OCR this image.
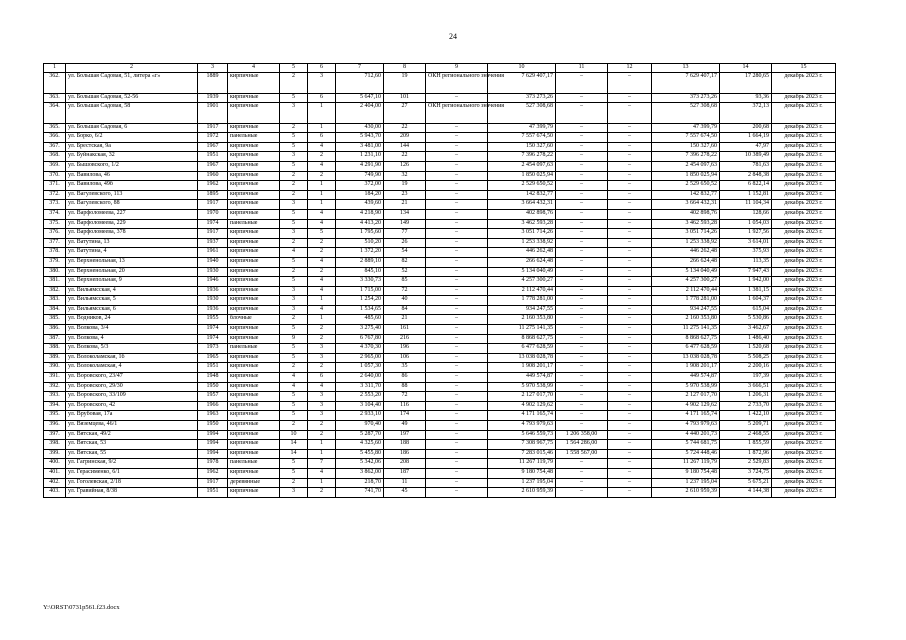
24
1	2	3	4	5	6	7	8	9	10	11	12	13	14	15
362.	ул. Большая Садовая, 51, литера «г»	1889	кирпичные	2	3	712,60	19	ОКН регионального значения	7 629 407,17	–	–	7 629 407,17	17 280,65	декабрь 2023 г.
363.	ул. Большая Садовая, 52-56	1939	кирпичные	5	6	5 647,10	101	–	373 273,26	–	–	373 273,26	93,36	декабрь 2023 г.
364.	ул. Большая Садовая, 58	1901	кирпичные	3	1	2 404,00	27	ОКН регионального значения	527 308,68	–	–	527 308,68	372,13	декабрь 2023 г.
365.	ул. Большая Садовая, 6	1917	кирпичные	2	1	430,00	22	–	47 399,79	–	–	47 399,79	200,68	декабрь 2023 г.
366.	ул. Борко, 6/2	1972	панельные	5	6	5 943,70	209	–	7 557 674,50	–	–	7 557 674,50	1 664,19	декабрь 2023 г.
367.	ул. Брестская, 9а	1967	кирпичные	5	4	3 481,00	144	–	150 327,60	–	–	150 327,60	47,97	декабрь 2023 г.
368.	ул. Буйнакская, 32	1951	кирпичные	3	2	1 231,10	22	–	7 396 278,22	–	–	7 396 278,22	10 389,49	декабрь 2023 г.
369.	ул. Бышовского, 1/2	1967	кирпичные	5	4	4 291,90	126	–	2 454 097,63	–	–	2 454 097,63	781,63	декабрь 2023 г.
370.	ул. Вавилова, 46	1960	кирпичные	2	2	749,90	32	–	1 850 025,94	–	–	1 850 025,94	2 848,38	декабрь 2023 г.
371.	ул. Вавилова, 49б	1962	кирпичные	2	1	372,00	19	–	2 529 650,52	–	–	2 529 650,52	6 822,14	декабрь 2023 г.
372.	ул. Вагулевского, 113	1895	кирпичные	2	1	184,20	23	–	142 832,77	–	–	142 832,77	1 152,81	декабрь 2023 г.
373.	ул. Вагулевского, 88	1917	кирпичные	3	1	439,60	21	–	3 664 432,31	–	–	3 664 432,31	11 104,34	декабрь 2023 г.
374.	ул. Варфоломеева, 227	1970	кирпичные	5	4	4 218,90	134	–	402 898,76	–	–	402 898,76	128,66	декабрь 2023 г.
375.	ул. Варфоломеева, 229	1974	панельные	5	4	4 413,20	149	–	3 462 593,28	–	–	3 462 593,28	1 054,03	декабрь 2023 г.
376.	ул. Варфоломеева, 378	1917	кирпичные	3	5	1 795,60	77	–	3 051 714,26	–	–	3 051 714,26	1 927,56	декабрь 2023 г.
377.	ул. Ватутина, 13	1937	кирпичные	2	2	510,20	26	–	1 253 338,92	–	–	1 253 338,92	3 614,01	декабрь 2023 г.
378.	ул. Ватутина, 4	1961	кирпичные	4	2	1 372,20	54	–	446 262,48	–	–	446 262,48	375,93	декабрь 2023 г.
379.	ул. Верхненольная, 13	1940	кирпичные	5	4	2 889,10	82	–	266 624,48	–	–	266 624,48	113,35	декабрь 2023 г.
380.	ул. Верхненольная, 20	1930	кирпичные	2	2	845,10	52	–	5 134 040,49	–	–	5 134 040,49	7 947,43	декабрь 2023 г.
381.	ул. Верхнепольная, 9	1946	кирпичные	5	4	3 330,73	85	–	4 257 300,27	–	–	4 257 300,27	1 942,00	декабрь 2023 г.
382.	ул. Вильямсская, 4	1936	кирпичные	3	4	1 715,00	72	–	2 112 470,44	–	–	2 112 470,44	1 381,15	декабрь 2023 г.
383.	ул. Вильямсская, 5	1930	кирпичные	3	1	1 254,20	40	–	1 778 281,00	–	–	1 778 281,00	1 604,37	декабрь 2023 г.
384.	ул. Вильямсская, 6	1936	кирпичные	3	4	1 534,65	84	–	934 247,55	–	–	934 247,55	615,04	декабрь 2023 г.
385.	ул. Водников, 24	1955	блочные	2	1	485,60	21	–	2 160 353,80	–	–	2 160 353,80	5 530,86	декабрь 2023 г.
386.	ул. Волкова, 3/4	1974	кирпичные	5	2	3 275,40	161	–	11 275 141,35	–	–	11 275 141,35	3 462,67	декабрь 2023 г.
387.	ул. Волкова, 4	1974	кирпичные	9	2	6 767,80	216	–	8 868 627,75	–	–	8 868 627,75	1 486,40	декабрь 2023 г.
388.	ул. Волкова, 5/3	1973	панельные	5	3	4 370,30	196	–	6 477 628,59	–	–	6 477 628,59	1 520,68	декабрь 2023 г.
389.	ул. Волоколамская, 1б	1965	кирпичные	5	3	2 965,00	106	–	13 038 028,78	–	–	13 038 028,78	5 508,25	декабрь 2023 г.
390.	ул. Волоколамская, 4	1951	кирпичные	2	2	1 057,30	35	–	1 908 201,17	–	–	1 908 201,17	2 200,16	декабрь 2023 г.
391.	ул. Воровского, 23/47	1948	кирпичные	4	6	2 640,00	86	–	449 574,87	–	–	449 574,87	197,39	декабрь 2023 г.
392.	ул. Воровского, 29/30	1950	кирпичные	4	4	3 311,70	88	–	5 970 538,99	–	–	5 970 538,99	3 666,51	декабрь 2023 г.
393.	ул. Воровского, 33/109	1957	кирпичные	5	3	2 553,20	72	–	2 127 017,70	–	–	2 127 017,70	1 206,31	декабрь 2023 г.
394.	ул. Воровского, 42	1966	кирпичные	5	3	3 104,40	116	–	4 902 129,62	–	–	4 902 129,62	2 733,70	декабрь 2023 г.
395.	ул. Врубовая, 17а	1963	кирпичные	5	3	2 933,10	174	–	4 171 165,74	–	–	4 171 165,74	1 422,10	декабрь 2023 г.
396.	ул. Вяземцева, 46/1	1950	кирпичные	2	2	970,40	49	–	4 793 979,63	–	–	4 793 979,63	5 209,71	декабрь 2023 г.
397.	ул. Вятская, 49/2	1994	кирпичные	10	2	5 287,70	197	–	5 646 559,73	1 206 358,00	–	4 440 201,73	2 468,55	декабрь 2023 г.
398.	ул. Вятская, 53	1994	кирпичные	14	1	4 325,60	188	–	7 308 967,75	1 564 286,00	–	5 744 681,75	1 855,59	декабрь 2023 г.
399.	ул. Вятская, 55	1994	кирпичные	14	1	5 455,80	186	–	7 283 015,46	1 558 567,00	–	5 724 448,46	1 872,96	декабрь 2023 г.
400.	ул. Гагринская, 9/2	1978	панельные	5	7	5 342,06	208	–	11 267 119,79	–	–	11 267 119,79	2 529,83	декабрь 2023 г.
401.	ул. Герасименко, 6/1	1962	кирпичные	5	4	3 862,00	187	–	9 180 754,48	–	–	9 180 754,48	3 724,75	декабрь 2023 г.
402.	ул. Гоголевская, 2/18	1917	деревянные	2	1	218,70	11	–	1 237 195,04	–	–	1 237 195,04	5 675,21	декабрь 2023 г.
403.	ул. Гравийная, 8/38	1951	кирпичные	3	2	741,70	45	–	2 610 959,39	–	–	2 610 959,39	4 144,38	декабрь 2023 г.
Y:\ORST\0731p561.f23.docx
